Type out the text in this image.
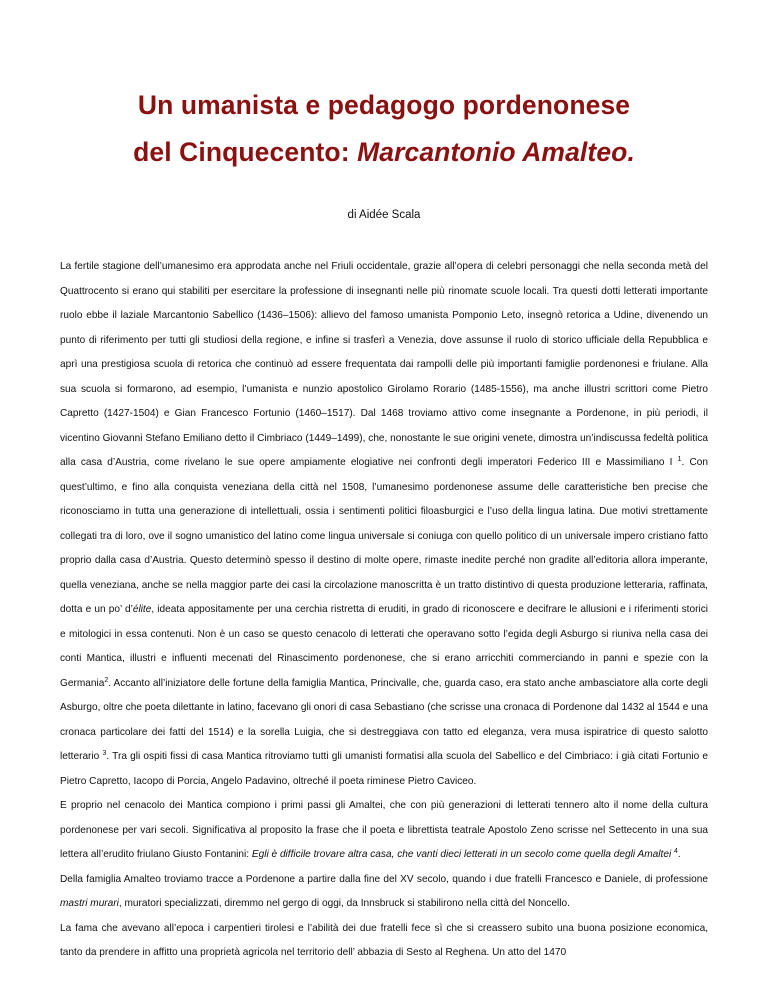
Un umanista e pedagogo pordenonese
del Cinquecento: Marcantonio Amalteo.

di Aidée Scala

La fertile stagione dell’umanesimo era approdata anche nel Friuli occidentale, grazie all’opera di celebri personaggi che nella seconda metà del Quattrocento si erano qui stabiliti per esercitare la professione di insegnanti nelle più rinomate scuole locali. Tra questi dotti letterati importante ruolo ebbe il laziale Marcantonio Sabellico (1436–1506): allievo del famoso umanista Pomponio Leto, insegnò retorica a Udine, divenendo un punto di riferimento per tutti gli studiosi della regione, e infine si trasferì a Venezia, dove assunse il ruolo di storico ufficiale della Repubblica e aprì una prestigiosa scuola di retorica che continuò ad essere frequentata dai rampolli delle più importanti famiglie pordenonesi e friulane. Alla sua scuola si formarono, ad esempio, l’umanista e nunzio apostolico Girolamo Rorario (1485-1556), ma anche illustri scrittori come Pietro Capretto (1427-1504) e Gian Francesco Fortunio (1460–1517). Dal 1468 troviamo attivo come insegnante a Pordenone, in più periodi, il vicentino Giovanni Stefano Emiliano detto il Cimbriaco (1449–1499), che, nonostante le sue origini venete, dimostra un’indiscussa fedeltà politica alla casa d’Austria, come rivelano le sue opere ampiamente elogiative nei confronti degli imperatori Federico III e Massimiliano I $^1$. Con quest’ultimo, e fino alla conquista veneziana della città nel 1508, l’umanesimo pordenonese assume delle caratteristiche ben precise che riconosciamo in tutta una generazione di intellettuali, ossia i sentimenti politici filoasburgici e l’uso della lingua latina. Due motivi strettamente collegati tra di loro, ove il sogno umanistico del latino come lingua universale si coniuga con quello politico di un universale impero cristiano fatto proprio dalla casa d’Austria. Questo determinò spesso il destino di molte opere, rimaste inedite perché non gradite all’editoria allora imperante, quella veneziana, anche se nella maggior parte dei casi la circolazione manoscritta è un tratto distintivo di questa produzione letteraria, raffinata, dotta e un po’ d’élite, ideata appositamente per una cerchia ristretta di eruditi, in grado di riconoscere e decifrare le allusioni e i riferimenti storici e mitologici in essa contenuti. Non è un caso se questo cenacolo di letterati che operavano sotto l’egida degli Asburgo si riuniva nella casa dei conti Mantica, illustri e influenti mecenati del Rinascimento pordenonese, che si erano arricchiti commerciando in panni e spezie con la Germania$^2$. Accanto all’iniziatore delle fortune della famiglia Mantica, Princivalle, che, guarda caso, era stato anche ambasciatore alla corte degli Asburgo, oltre che poeta dilettante in latino, facevano gli onori di casa Sebastiano (che scrisse una cronaca di Pordenone dal 1432 al 1544 e una cronaca particolare dei fatti del 1514) e la sorella Luigia, che si destreggiava con tatto ed eleganza, vera musa ispiratrice di questo salotto letterario $^3$. Tra gli ospiti fissi di casa Mantica ritroviamo tutti gli umanisti formatisi alla scuola del Sabellico e del Cimbriaco: i già citati Fortunio e Pietro Capretto, Iacopo di Porcia, Angelo Padavino, oltreché il poeta riminese Pietro Caviceo.

E proprio nel cenacolo dei Mantica compiono i primi passi gli Amaltei, che con più generazioni di letterati tennero alto il nome della cultura pordenonese per vari secoli. Significativa al proposito la frase che il poeta e librettista teatrale Apostolo Zeno scrisse nel Settecento in una sua lettera all’erudito friulano Giusto Fontanini: Egli è difficile trovare altra casa, che vanti dieci letterati in un secolo come quella degli Amaltei $^4$.

Della famiglia Amalteo troviamo tracce a Pordenone a partire dalla fine del XV secolo, quando i due fratelli Francesco e Daniele, di professione mastri murari, muratori specializzati, diremmo nel gergo di oggi, da Innsbruck si stabilirono nella città del Noncello.

La fama che avevano all’epoca i carpentieri tirolesi e l’abilità dei due fratelli fece sì che si creassero subito una buona posizione economica, tanto da prendere in affitto una proprietà agricola nel territorio dell’ abbazia di Sesto al Reghena. Un atto del 1470
